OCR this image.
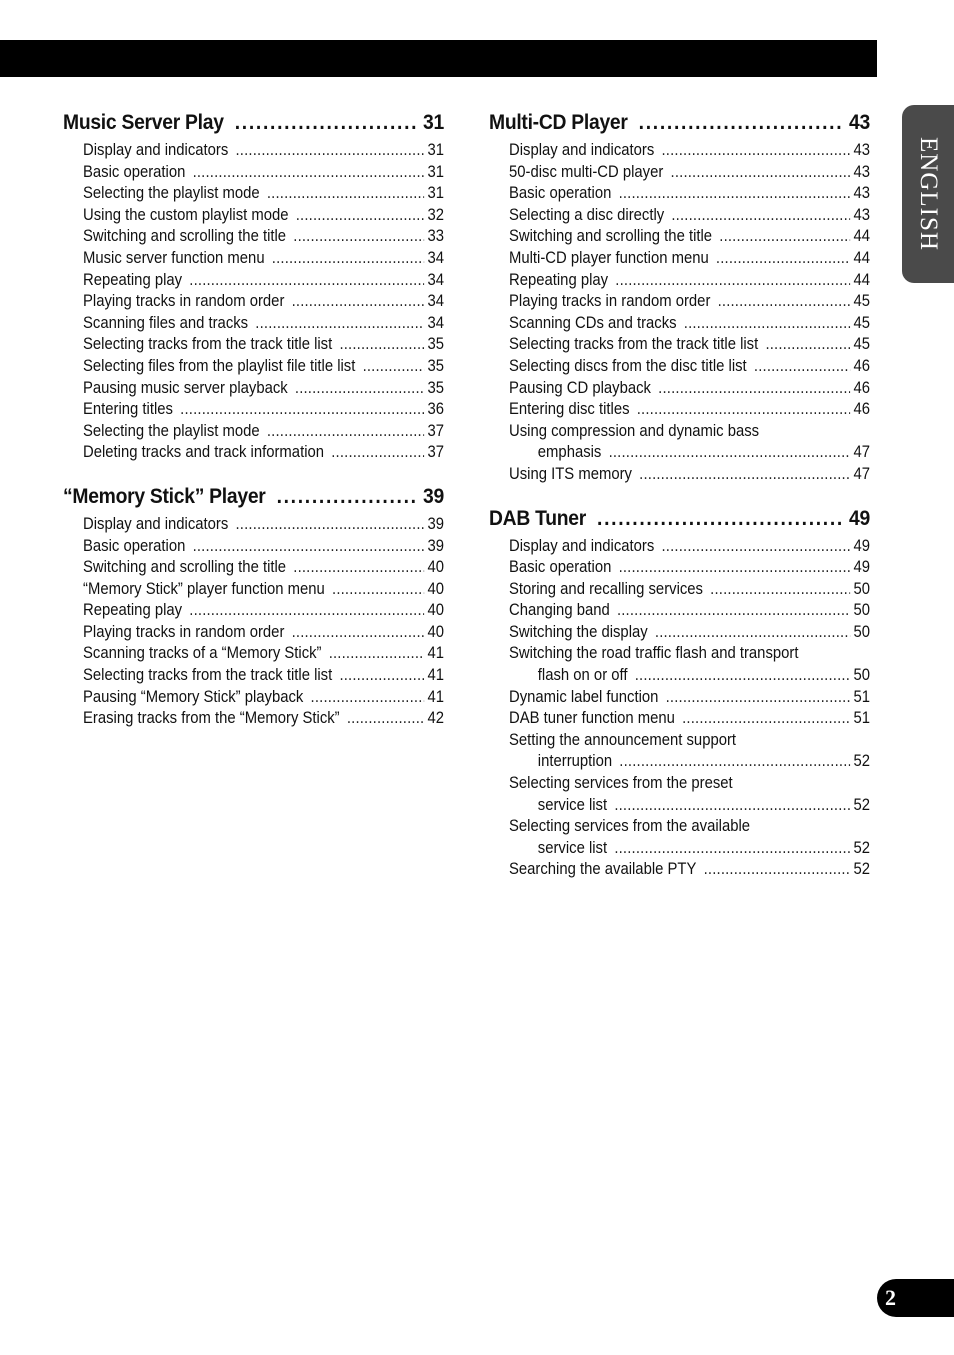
ENGLISH
2
Music Server Play . . .	31
Display and indicators .....	31
Basic operation .....	31
Selecting the playlist mode .....	31
Using the custom playlist mode .....	32
Switching and scrolling the title .....	33
Music server function menu .....	34
Repeating play .....	34
Playing tracks in random order .....	34
Scanning files and tracks .....	34
Selecting tracks from the track title list .....	35
Selecting files from the playlist file title list .....	35
Pausing music server playback .....	35
Entering titles .....	36
Selecting the playlist mode .....	37
Deleting tracks and track information .....	37
“Memory Stick” Player . . .	39
Display and indicators .....	39
Basic operation .....	39
Switching and scrolling the title .....	40
“Memory Stick” player function menu .....	40
Repeating play .....	40
Playing tracks in random order .....	40
Scanning tracks of a “Memory Stick” .....	41
Selecting tracks from the track title list .....	41
Pausing “Memory Stick” playback .....	41
Erasing tracks from the “Memory Stick” .....	42
Multi-CD Player . . .	43
Display and indicators .....	43
50-disc multi-CD player .....	43
Basic operation .....	43
Selecting a disc directly .....	43
Switching and scrolling the title .....	44
Multi-CD player function menu .....	44
Repeating play .....	44
Playing tracks in random order .....	45
Scanning CDs and tracks .....	45
Selecting tracks from the track title list .....	45
Selecting discs from the disc title list .....	46
Pausing CD playback .....	46
Entering disc titles .....	46
Using compression and dynamic bass
emphasis .....	47
Using ITS memory .....	47
DAB Tuner . . .	49
Display and indicators .....	49
Basic operation .....	49
Storing and recalling services .....	50
Changing band .....	50
Switching the display .....	50
Switching the road traffic flash and transport
flash on or off .....	50
Dynamic label function .....	51
DAB tuner function menu .....	51
Setting the announcement support
interruption .....	52
Selecting services from the preset
service list .....	52
Selecting services from the available
service list .....	52
Searching the available PTY .....	52
